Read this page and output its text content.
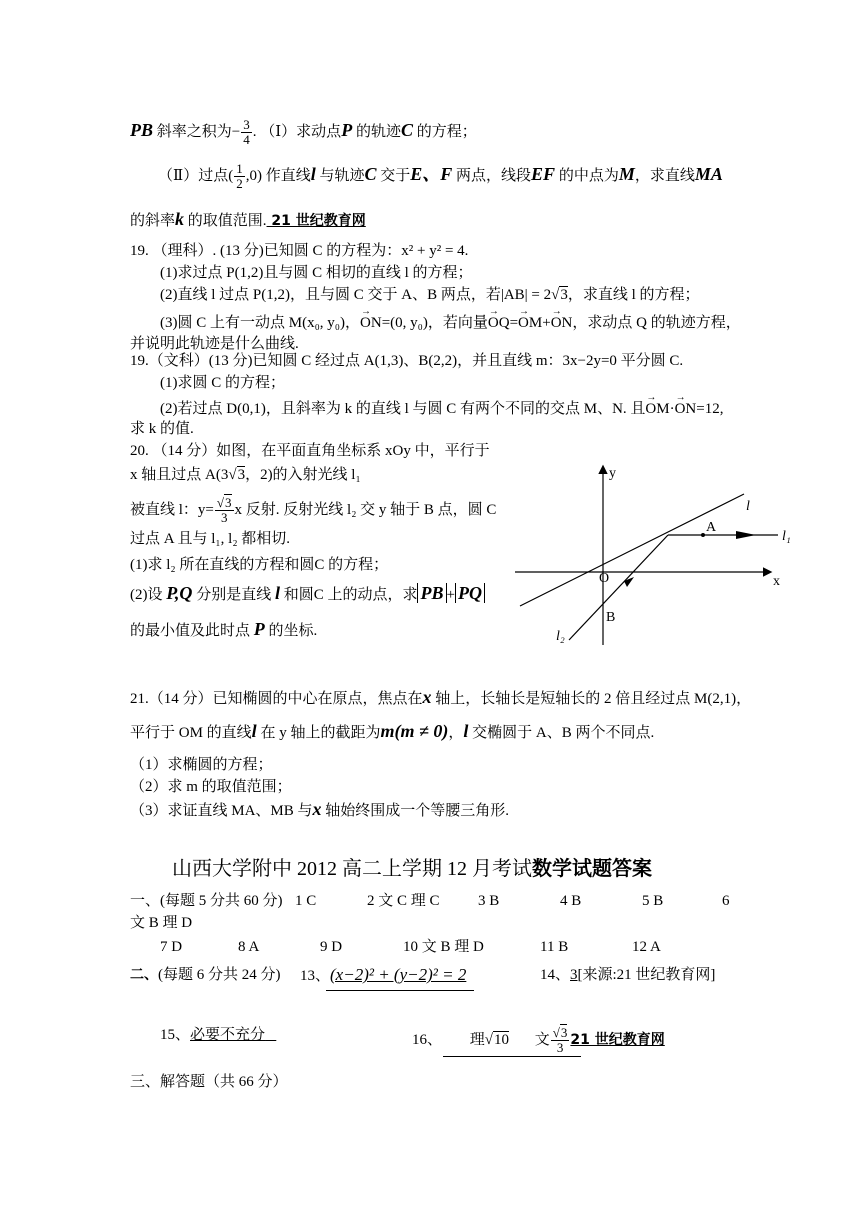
PB 斜率之积为− $\frac{3}{4}$ . （Ⅰ）求动点P 的轨迹C 的方程；
（Ⅱ）过点( $\frac{1}{2} ,0$) 作直线l 与轨迹C 交于E、F 两点，线段EF 的中点为M，求直线MA
的斜率k 的取值范围. 21 世纪教育网
19. （理科）. (13 分)已知圆 C 的方程为：x² + y² = 4.
(1)求过点 P(1,2)且与圆 C 相切的直线 l 的方程；
(2)直线 l 过点 P(1,2)，且与圆 C 交于 A、B 两点，若|AB| = 2√3，求直线 l 的方程；
(3)圆 C 上有一动点 M(x₀, y₀)，→ ON=(0, y₀)，若向量→ OQ=→ OM+→ ON，求动点 Q 的轨迹方程，
并说明此轨迹是什么曲线.
19.（文科）(13 分)已知圆 C 经过点 A(1,3)、B(2,2)，并且直线 m：3x−2y=0 平分圆 C.
(1)求圆 C 的方程；
(2)若过点 D(0,1)，且斜率为 k 的直线 l 与圆 C 有两个不同的交点 M、N. 且→ OM·→ ON=12,
求 k 的值.
20. （14 分）如图，在平面直角坐标系 xOy 中，平行于
x 轴且过点 A(3√3，2)的入射光线 l₁
被直线 l：$y= \frac{√3}{3}$ x 反射. 反射光线 l₂ 交 y 轴于 B 点，圆 C
过点 A 且与 l₁, l₂ 都相切.
(1)求 l₂ 所在直线的方程和圆C 的方程；
(2)设 P,Q 分别是直线 l 和圆C 上的动点，求 PB + PQ
的最小值及此时点 P 的坐标.
y
x
O
A
B
l
l₁
l₂
21.（14 分）已知椭圆的中心在原点，焦点在x 轴上，长轴长是短轴长的 2 倍且经过点 M(2,1)，
平行于 OM 的直线l 在 y 轴上的截距为m(m ≠ 0)，l 交椭圆于 A、B 两个不同点.
（1）求椭圆的方程；
（2）求 m 的取值范围；
（3）求证直线 MA、MB 与x 轴始终围成一个等腰三角形.
山西大学附中 2012 高二上学期 12 月考试数学试题答案
一、(每题 5 分共 60 分) 1 C	2 文 C 理 C	3 B	4 B	5 B	6
文 B 理 D
7 D	8 A	9 D	10 文 B 理 D	11 B	12 A
二、(每题 6 分共 24 分) 13、(x−2)² + (y−2)² = 2	14、3[来源:21 世纪教育网]
15、必要不充分	16、 理√10 文 $\frac{√3}{3} 21$ 世纪教育网
三、解答题（共 66 分）
